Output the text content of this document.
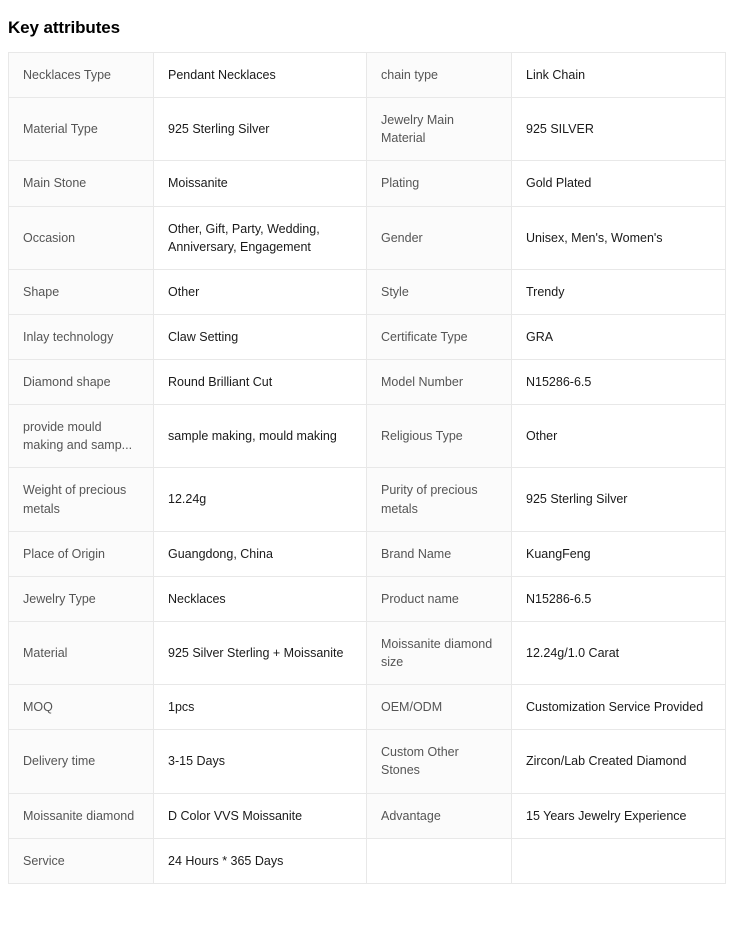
Key attributes
Necklaces Type	Pendant Necklaces	chain type	Link Chain
Material Type	925 Sterling Silver	Jewelry Main Material	925 SILVER
Main Stone	Moissanite	Plating	Gold Plated
Occasion	Other, Gift, Party, Wedding, Anniversary, Engagement	Gender	Unisex, Men's, Women's
Shape	Other	Style	Trendy
Inlay technology	Claw Setting	Certificate Type	GRA
Diamond shape	Round Brilliant Cut	Model Number	N15286-6.5
provide mould making and samp...	sample making, mould making	Religious Type	Other
Weight of precious metals	12.24g	Purity of precious metals	925 Sterling Silver
Place of Origin	Guangdong, China	Brand Name	KuangFeng
Jewelry Type	Necklaces	Product name	N15286-6.5
Material	925 Silver Sterling + Moissanite	Moissanite diamond size	12.24g/1.0 Carat
MOQ	1pcs	OEM/ODM	Customization Service Provided
Delivery time	3-15 Days	Custom Other Stones	Zircon/Lab Created Diamond
Moissanite diamond	D Color VVS Moissanite	Advantage	15 Years Jewelry Experience
Service	24 Hours * 365 Days		
